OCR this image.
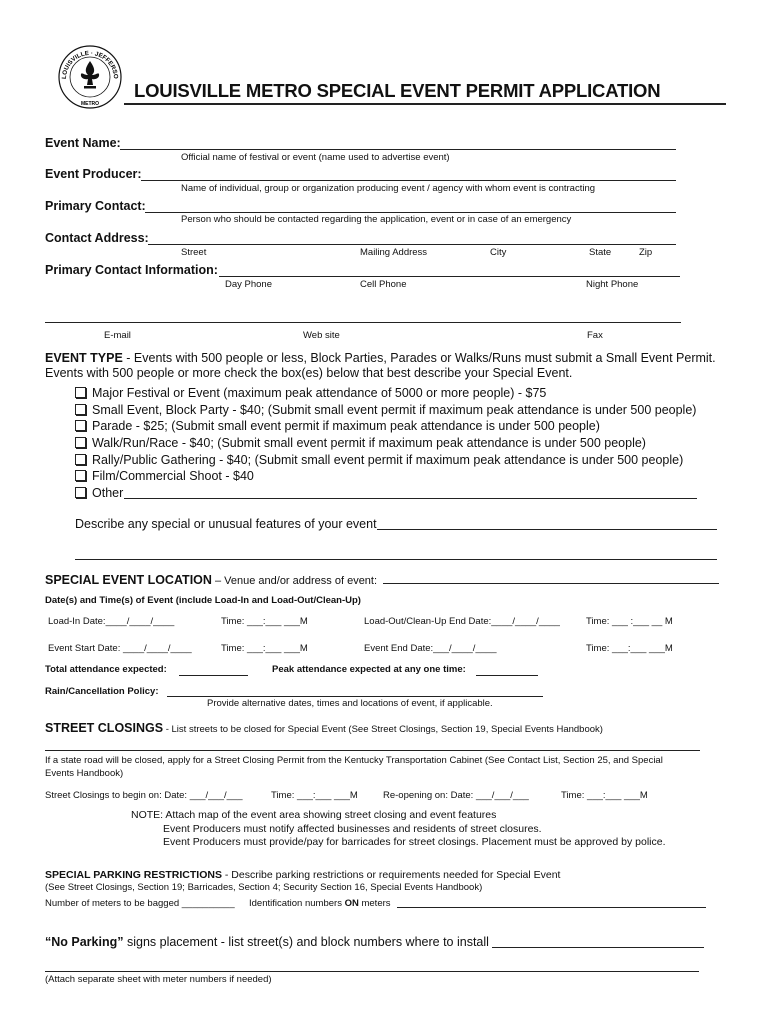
LOUISVILLE · JEFFERSO
METRO
LOUISVILLE METRO SPECIAL EVENT PERMIT APPLICATION
Event Name:
Official name of festival or event (name used to advertise event)
Event Producer:
Name of individual, group or organization producing event / agency with whom event is contracting
Primary Contact:
Person who should be contacted regarding the application, event or in case of an emergency
Contact Address:
Street	Mailing Address	City	State	Zip
Primary Contact Information:
Day Phone	Cell Phone	Night Phone
E-mail	Web site	Fax
EVENT TYPE - Events with 500 people or less, Block Parties, Parades or Walks/Runs must submit a Small Event Permit.
Events with 500 people or more check the box(es) below that best describe your Special Event.
Major Festival or Event (maximum peak attendance of 5000 or more people) - $75
Small Event, Block Party - $40; (Submit small event permit if maximum peak attendance is under 500 people)
Parade - $25; (Submit small event permit if maximum peak attendance is under 500 people)
Walk/Run/Race - $40; (Submit small event permit if maximum peak attendance is under 500 people)
Rally/Public Gathering - $40; (Submit small event permit if maximum peak attendance is under 500 people)
Film/Commercial Shoot - $40
Other
Describe any special or unusual features of your event
SPECIAL EVENT LOCATION – Venue and/or address of event:
Date(s) and Time(s) of Event (include Load-In and Load-Out/Clean-Up)
Load-In Date:____/____/____	Time: ___:___ ___M	Load-Out/Clean-Up End Date:____/____/____	Time: ___ :___ __ M
Event Start Date: ____/____/____	Time: ___:___ ___M	Event End Date:___/____/____	Time: ___:___ ___M
Total attendance expected:	Peak attendance expected at any one time:
Rain/Cancellation Policy:
Provide alternative dates, times and locations of event, if applicable.
STREET CLOSINGS - List streets to be closed for Special Event (See Street Closings, Section 19, Special Events Handbook)
If a state road will be closed, apply for a Street Closing Permit from the Kentucky Transportation Cabinet (See Contact List, Section 25, and Special
Events Handbook)
Street Closings to begin on: Date: ___/___/___	Time: ___:___ ___M	Re-opening on: Date: ___/___/___	Time: ___:___ ___M
NOTE: Attach map of the event area showing street closing and event features
Event Producers must notify affected businesses and residents of street closures.
Event Producers must provide/pay for barricades for street closings. Placement must be approved by police.
SPECIAL PARKING RESTRICTIONS - Describe parking restrictions or requirements needed for Special Event
(See Street Closings, Section 19; Barricades, Section 4; Security Section 16, Special Events Handbook)
Number of meters to be bagged __________ Identification numbers ON meters
“No Parking” signs placement - list street(s) and block numbers where to install
(Attach separate sheet with meter numbers if needed)
